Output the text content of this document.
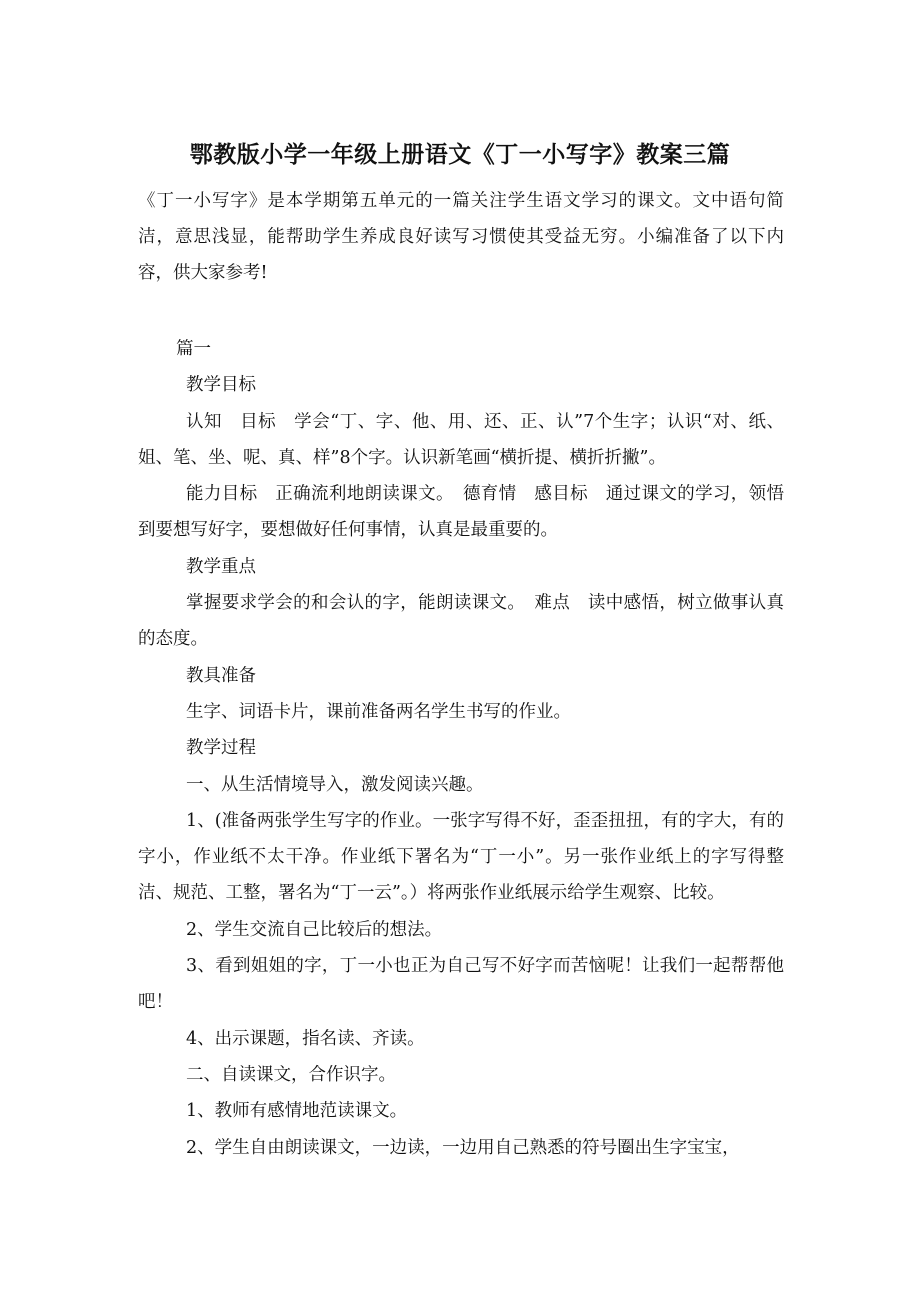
鄂教版小学一年级上册语文《丁一小写字》教案三篇

《丁一小写字》是本学期第五单元的一篇关注学生语文学习的课文。文中语句简洁，意思浅显，能帮助学生养成良好读写习惯使其受益无穷。小编准备了以下内容，供大家参考!

篇一

教学目标

认知　目标　学会“丁、字、他、用、还、正、认”7个生字；认识“对、纸、姐、笔、坐、呢、真、样”8个字。认识新笔画“横折提、横折折撇”。

能力目标　正确流利地朗读课文。　德育情　感目标　通过课文的学习，领悟到要想写好字，要想做好任何事情，认真是最重要的。

教学重点

掌握要求学会的和会认的字，能朗读课文。　难点　读中感悟，树立做事认真的态度。

教具准备

生字、词语卡片，课前准备两名学生书写的作业。

教学过程

一、从生活情境导入，激发阅读兴趣。

1、(准备两张学生写字的作业。一张字写得不好，歪歪扭扭，有的字大，有的字小，作业纸不太干净。作业纸下署名为“丁一小”。另一张作业纸上的字写得整洁、规范、工整，署名为“丁一云”。）将两张作业纸展示给学生观察、比较。

2、学生交流自己比较后的想法。

3、看到姐姐的字，丁一小也正为自己写不好字而苦恼呢！让我们一起帮帮他吧！

4、出示课题，指名读、齐读。

二、自读课文，合作识字。

1、教师有感情地范读课文。

2、学生自由朗读课文，一边读，一边用自己熟悉的符号圈出生字宝宝，
